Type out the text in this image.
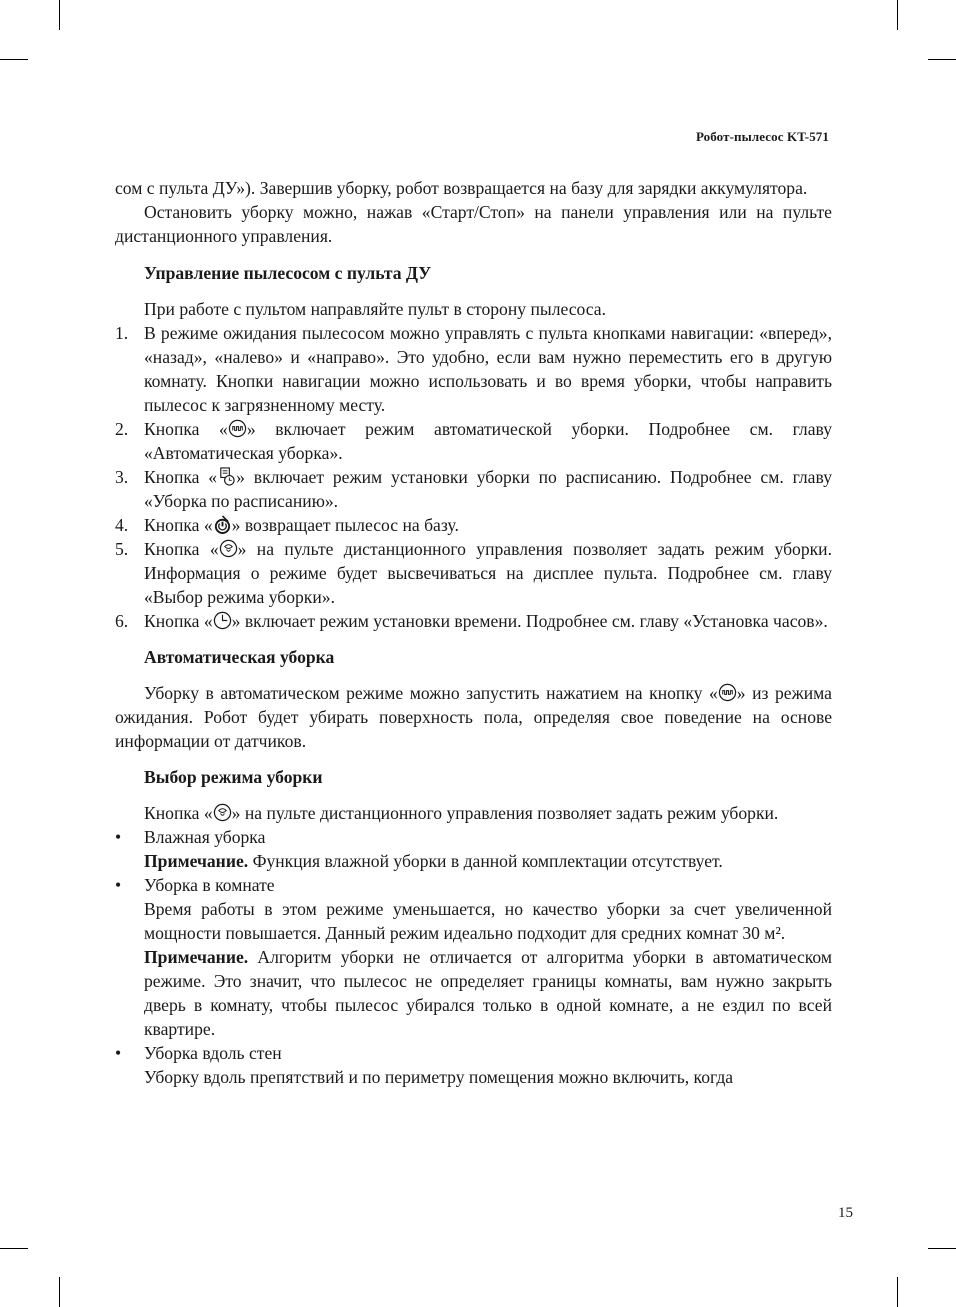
Робот-пылесос KT-571

сом с пульта ДУ»). Завершив уборку, робот возвращается на базу для зарядки аккумулятора.

Остановить уборку можно, нажав «Старт/Стоп» на панели управления или на пульте дистанционного управления.

Управление пылесосом с пульта ДУ

При работе с пультом направляйте пульт в сторону пылесоса.

1. В режиме ожидания пылесосом можно управлять с пульта кнопками навигации: «вперед», «назад», «налево» и «направо». Это удобно, если вам нужно переместить его в другую комнату. Кнопки навигации можно использовать и во время уборки, чтобы направить пылесос к загрязненному месту.
2. Кнопка « » включает режим автоматической уборки. Подробнее см. главу «Автоматическая уборка».
3. Кнопка « » включает режим установки уборки по расписанию. Подробнее см. главу «Уборка по расписанию».
4. Кнопка « » возвращает пылесос на базу.
5. Кнопка « » на пульте дистанционного управления позволяет задать режим уборки. Информация о режиме будет высвечиваться на дисплее пульта. Подробнее см. главу «Выбор режима уборки».
6. Кнопка « » включает режим установки времени. Подробнее см. главу «Установка часов».

Автоматическая уборка

Уборку в автоматическом режиме можно запустить нажатием на кнопку « » из режима ожидания. Робот будет убирать поверхность пола, определяя свое поведение на основе информации от датчиков.

Выбор режима уборки

Кнопка « » на пульте дистанционного управления позволяет задать режим уборки.

• Влажная уборка

Примечание. Функция влажной уборки в данной комплектации отсутствует.

• Уборка в комнате

Время работы в этом режиме уменьшается, но качество уборки за счет увеличенной мощности повышается. Данный режим идеально подходит для средних комнат 30 м².

Примечание. Алгоритм уборки не отличается от алгоритма уборки в автоматическом режиме. Это значит, что пылесос не определяет границы комнаты, вам нужно закрыть дверь в комнату, чтобы пылесос убирался только в одной комнате, а не ездил по всей квартире.

• Уборка вдоль стен

Уборку вдоль препятствий и по периметру помещения можно включить, когда

15
